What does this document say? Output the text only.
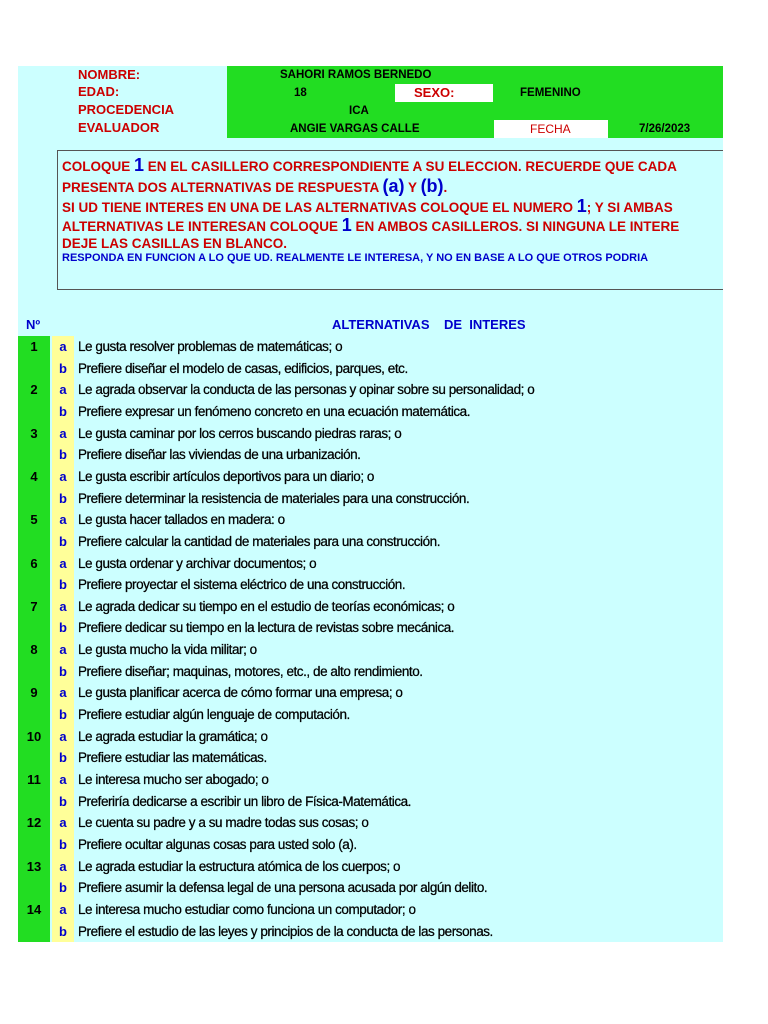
NOMBRE:	SAHORI RAMOS BERNEDO
EDAD:	18	SEXO:	FEMENINO
PROCEDENCIA	ICA
EVALUADOR	ANGIE VARGAS CALLE	FECHA	7/26/2023
COLOQUE 1 EN EL CASILLERO CORRESPONDIENTE A SU ELECCION. RECUERDE QUE CADA
PRESENTA DOS ALTERNATIVAS DE RESPUESTA (a) Y (b).
SI UD TIENE INTERES EN UNA DE LAS ALTERNATIVAS COLOQUE EL NUMERO 1; Y SI AMBAS
ALTERNATIVAS LE INTERESAN COLOQUE 1 EN AMBOS CASILLEROS. SI NINGUNA LE INTERE
DEJE LAS CASILLAS EN BLANCO.
RESPONDA EN FUNCION A LO QUE UD. REALMENTE LE INTERESA, Y NO EN BASE A LO QUE OTROS PODRIA
Nº	ALTERNATIVAS    DE  INTERES
1	a Le gusta resolver problemas de matemáticas; o
b Prefiere diseñar el modelo de casas, edificios, parques, etc.
2	a Le agrada observar la conducta de las personas y opinar sobre su personalidad; o
b Prefiere expresar un fenómeno concreto en una ecuación matemática.
3	a Le gusta caminar por los cerros buscando piedras raras; o
b Prefiere diseñar las viviendas de una urbanización.
4	a Le gusta escribir artículos deportivos para un diario; o
b Prefiere determinar la resistencia de materiales para una construcción.
5	a Le gusta hacer tallados en madera: o
b Prefiere calcular la cantidad de materiales para una construcción.
6	a Le gusta ordenar y archivar documentos; o
b Prefiere proyectar el sistema eléctrico de una construcción.
7	a Le agrada dedicar su tiempo en el estudio de teorías económicas; o
b Prefiere dedicar su tiempo en la lectura de revistas sobre mecánica.
8	a Le gusta mucho la vida militar; o
b Prefiere diseñar; maquinas, motores, etc., de alto rendimiento.
9	a Le gusta planificar acerca de cómo formar una empresa; o
b Prefiere estudiar algún lenguaje de computación.
10	a Le agrada estudiar la gramática; o
b Prefiere estudiar las matemáticas.
11	a Le interesa mucho ser abogado; o
b Preferiría dedicarse a escribir un libro de Física-Matemática.
12	a Le cuenta su padre y a su madre todas sus cosas; o
b Prefiere ocultar algunas cosas para usted solo (a).
13	a Le agrada estudiar la estructura atómica de los cuerpos; o
b Prefiere asumir la defensa legal de una persona acusada por algún delito.
14	a Le interesa mucho estudiar como funciona un computador; o
b Prefiere el estudio de las leyes y principios de la conducta de las personas.
